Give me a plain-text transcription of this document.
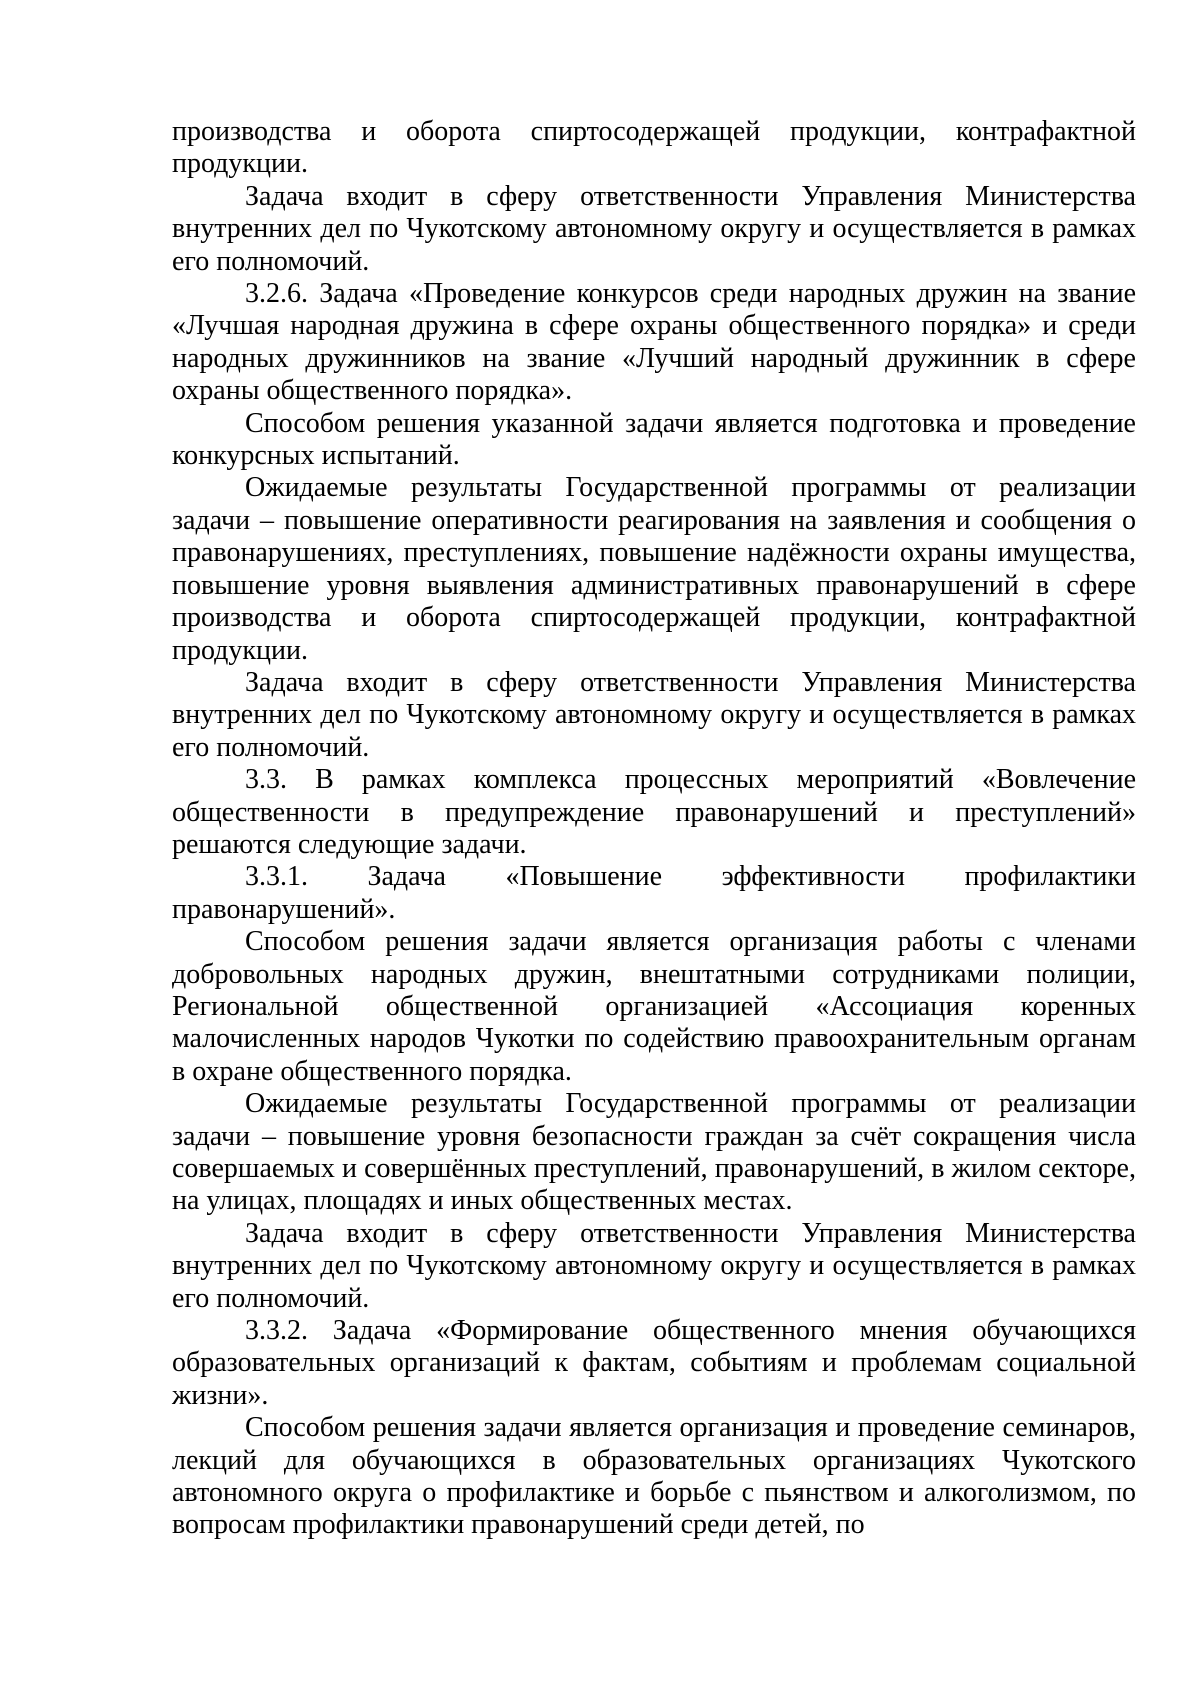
производства и оборота спиртосодержащей продукции, контрафактной продукции.

Задача входит в сферу ответственности Управления Министерства внутренних дел по Чукотскому автономному округу и осуществляется в рамках его полномочий.

3.2.6. Задача «Проведение конкурсов среди народных дружин на звание «Лучшая народная дружина в сфере охраны общественного порядка» и среди народных дружинников на звание «Лучший народный дружинник в сфере охраны общественного порядка».

Способом решения указанной задачи является подготовка и проведение конкурсных испытаний.

Ожидаемые результаты Государственной программы от реализации задачи – повышение оперативности реагирования на заявления и сообщения о правонарушениях, преступлениях, повышение надёжности охраны имущества, повышение уровня выявления административных правонарушений в сфере производства и оборота спиртосодержащей продукции, контрафактной продукции.

Задача входит в сферу ответственности Управления Министерства внутренних дел по Чукотскому автономному округу и осуществляется в рамках его полномочий.

3.3. В рамках комплекса процессных мероприятий «Вовлечение общественности в предупреждение правонарушений и преступлений» решаются следующие задачи.

3.3.1. Задача «Повышение эффективности профилактики правонарушений».

Способом решения задачи является организация работы с членами добровольных народных дружин, внештатными сотрудниками полиции, Региональной общественной организацией «Ассоциация коренных малочисленных народов Чукотки по содействию правоохранительным органам в охране общественного порядка.

Ожидаемые результаты Государственной программы от реализации задачи – повышение уровня безопасности граждан за счёт сокращения числа совершаемых и совершённых преступлений, правонарушений, в жилом секторе, на улицах, площадях и иных общественных местах.

Задача входит в сферу ответственности Управления Министерства внутренних дел по Чукотскому автономному округу и осуществляется в рамках его полномочий.

3.3.2. Задача «Формирование общественного мнения обучающихся образовательных организаций к фактам, событиям и проблемам социальной жизни».

Способом решения задачи является организация и проведение семинаров, лекций для обучающихся в образовательных организациях Чукотского автономного округа о профилактике и борьбе с пьянством и алкоголизмом, по вопросам профилактики правонарушений среди детей, по
